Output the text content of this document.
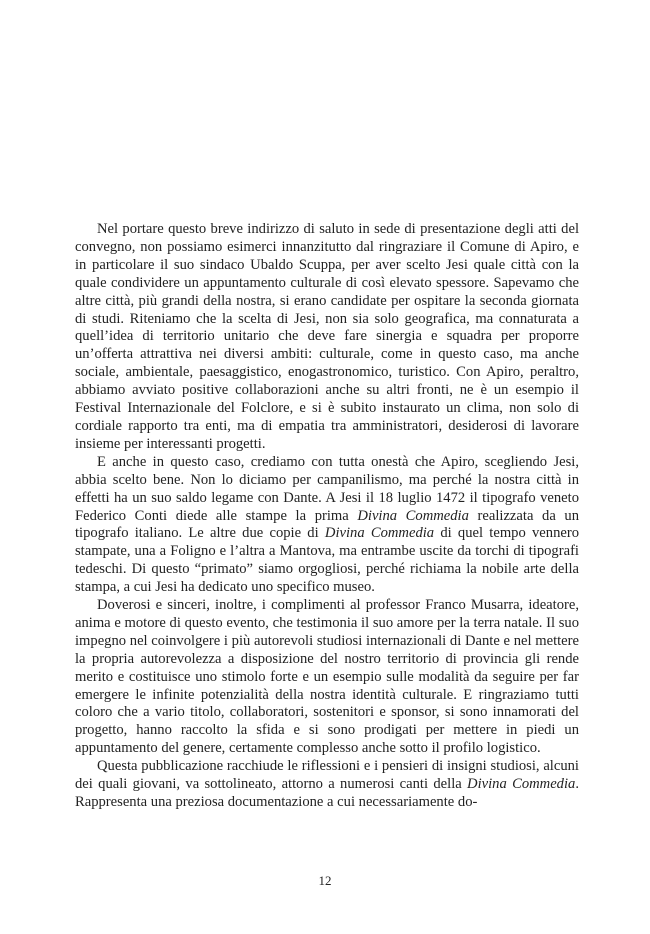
Nel portare questo breve indirizzo di saluto in sede di presentazione degli atti del convegno, non possiamo esimerci innanzitutto dal ringraziare il Comune di Apiro, e in particolare il suo sindaco Ubaldo Scuppa, per aver scelto Jesi quale città con la quale condividere un appuntamento culturale di così elevato spessore. Sapevamo che altre città, più grandi della nostra, si erano candidate per ospitare la seconda giornata di studi. Riteniamo che la scelta di Jesi, non sia solo geografica, ma connaturata a quell’idea di territorio unitario che deve fare sinergia e squadra per proporre un’offerta attrattiva nei diversi ambiti: culturale, come in questo caso, ma anche sociale, ambientale, paesaggistico, enogastronomico, turistico. Con Apiro, peraltro, abbiamo avviato positive collaborazioni anche su altri fronti, ne è un esempio il Festival Internazionale del Folclore, e si è subito instaurato un clima, non solo di cordiale rapporto tra enti, ma di empatia tra amministratori, desiderosi di lavorare insieme per interessanti progetti.

E anche in questo caso, crediamo con tutta onestà che Apiro, scegliendo Jesi, abbia scelto bene. Non lo diciamo per campanilismo, ma perché la nostra città in effetti ha un suo saldo legame con Dante. A Jesi il 18 luglio 1472 il tipografo veneto Federico Conti diede alle stampe la prima Divina Commedia realizzata da un tipografo italiano. Le altre due copie di Divina Commedia di quel tempo vennero stampate, una a Foligno e l’altra a Mantova, ma entrambe uscite da torchi di tipografi tedeschi. Di questo “primato” siamo orgogliosi, perché richiama la nobile arte della stampa, a cui Jesi ha dedicato uno specifico museo.

Doverosi e sinceri, inoltre, i complimenti al professor Franco Musarra, ideatore, anima e motore di questo evento, che testimonia il suo amore per la terra natale. Il suo impegno nel coinvolgere i più autorevoli studiosi internazionali di Dante e nel mettere la propria autorevolezza a disposizione del nostro territorio di provincia gli rende merito e costituisce uno stimolo forte e un esempio sulle modalità da seguire per far emergere le infinite potenzialità della nostra identità culturale. E ringraziamo tutti coloro che a vario titolo, collaboratori, sostenitori e sponsor, si sono innamorati del progetto, hanno raccolto la sfida e si sono prodigati per mettere in piedi un appuntamento del genere, certamente complesso anche sotto il profilo logistico.

Questa pubblicazione racchiude le riflessioni e i pensieri di insigni studiosi, alcuni dei quali giovani, va sottolineato, attorno a numerosi canti della Divina Commedia. Rappresenta una preziosa documentazione a cui necessariamente do-

12
